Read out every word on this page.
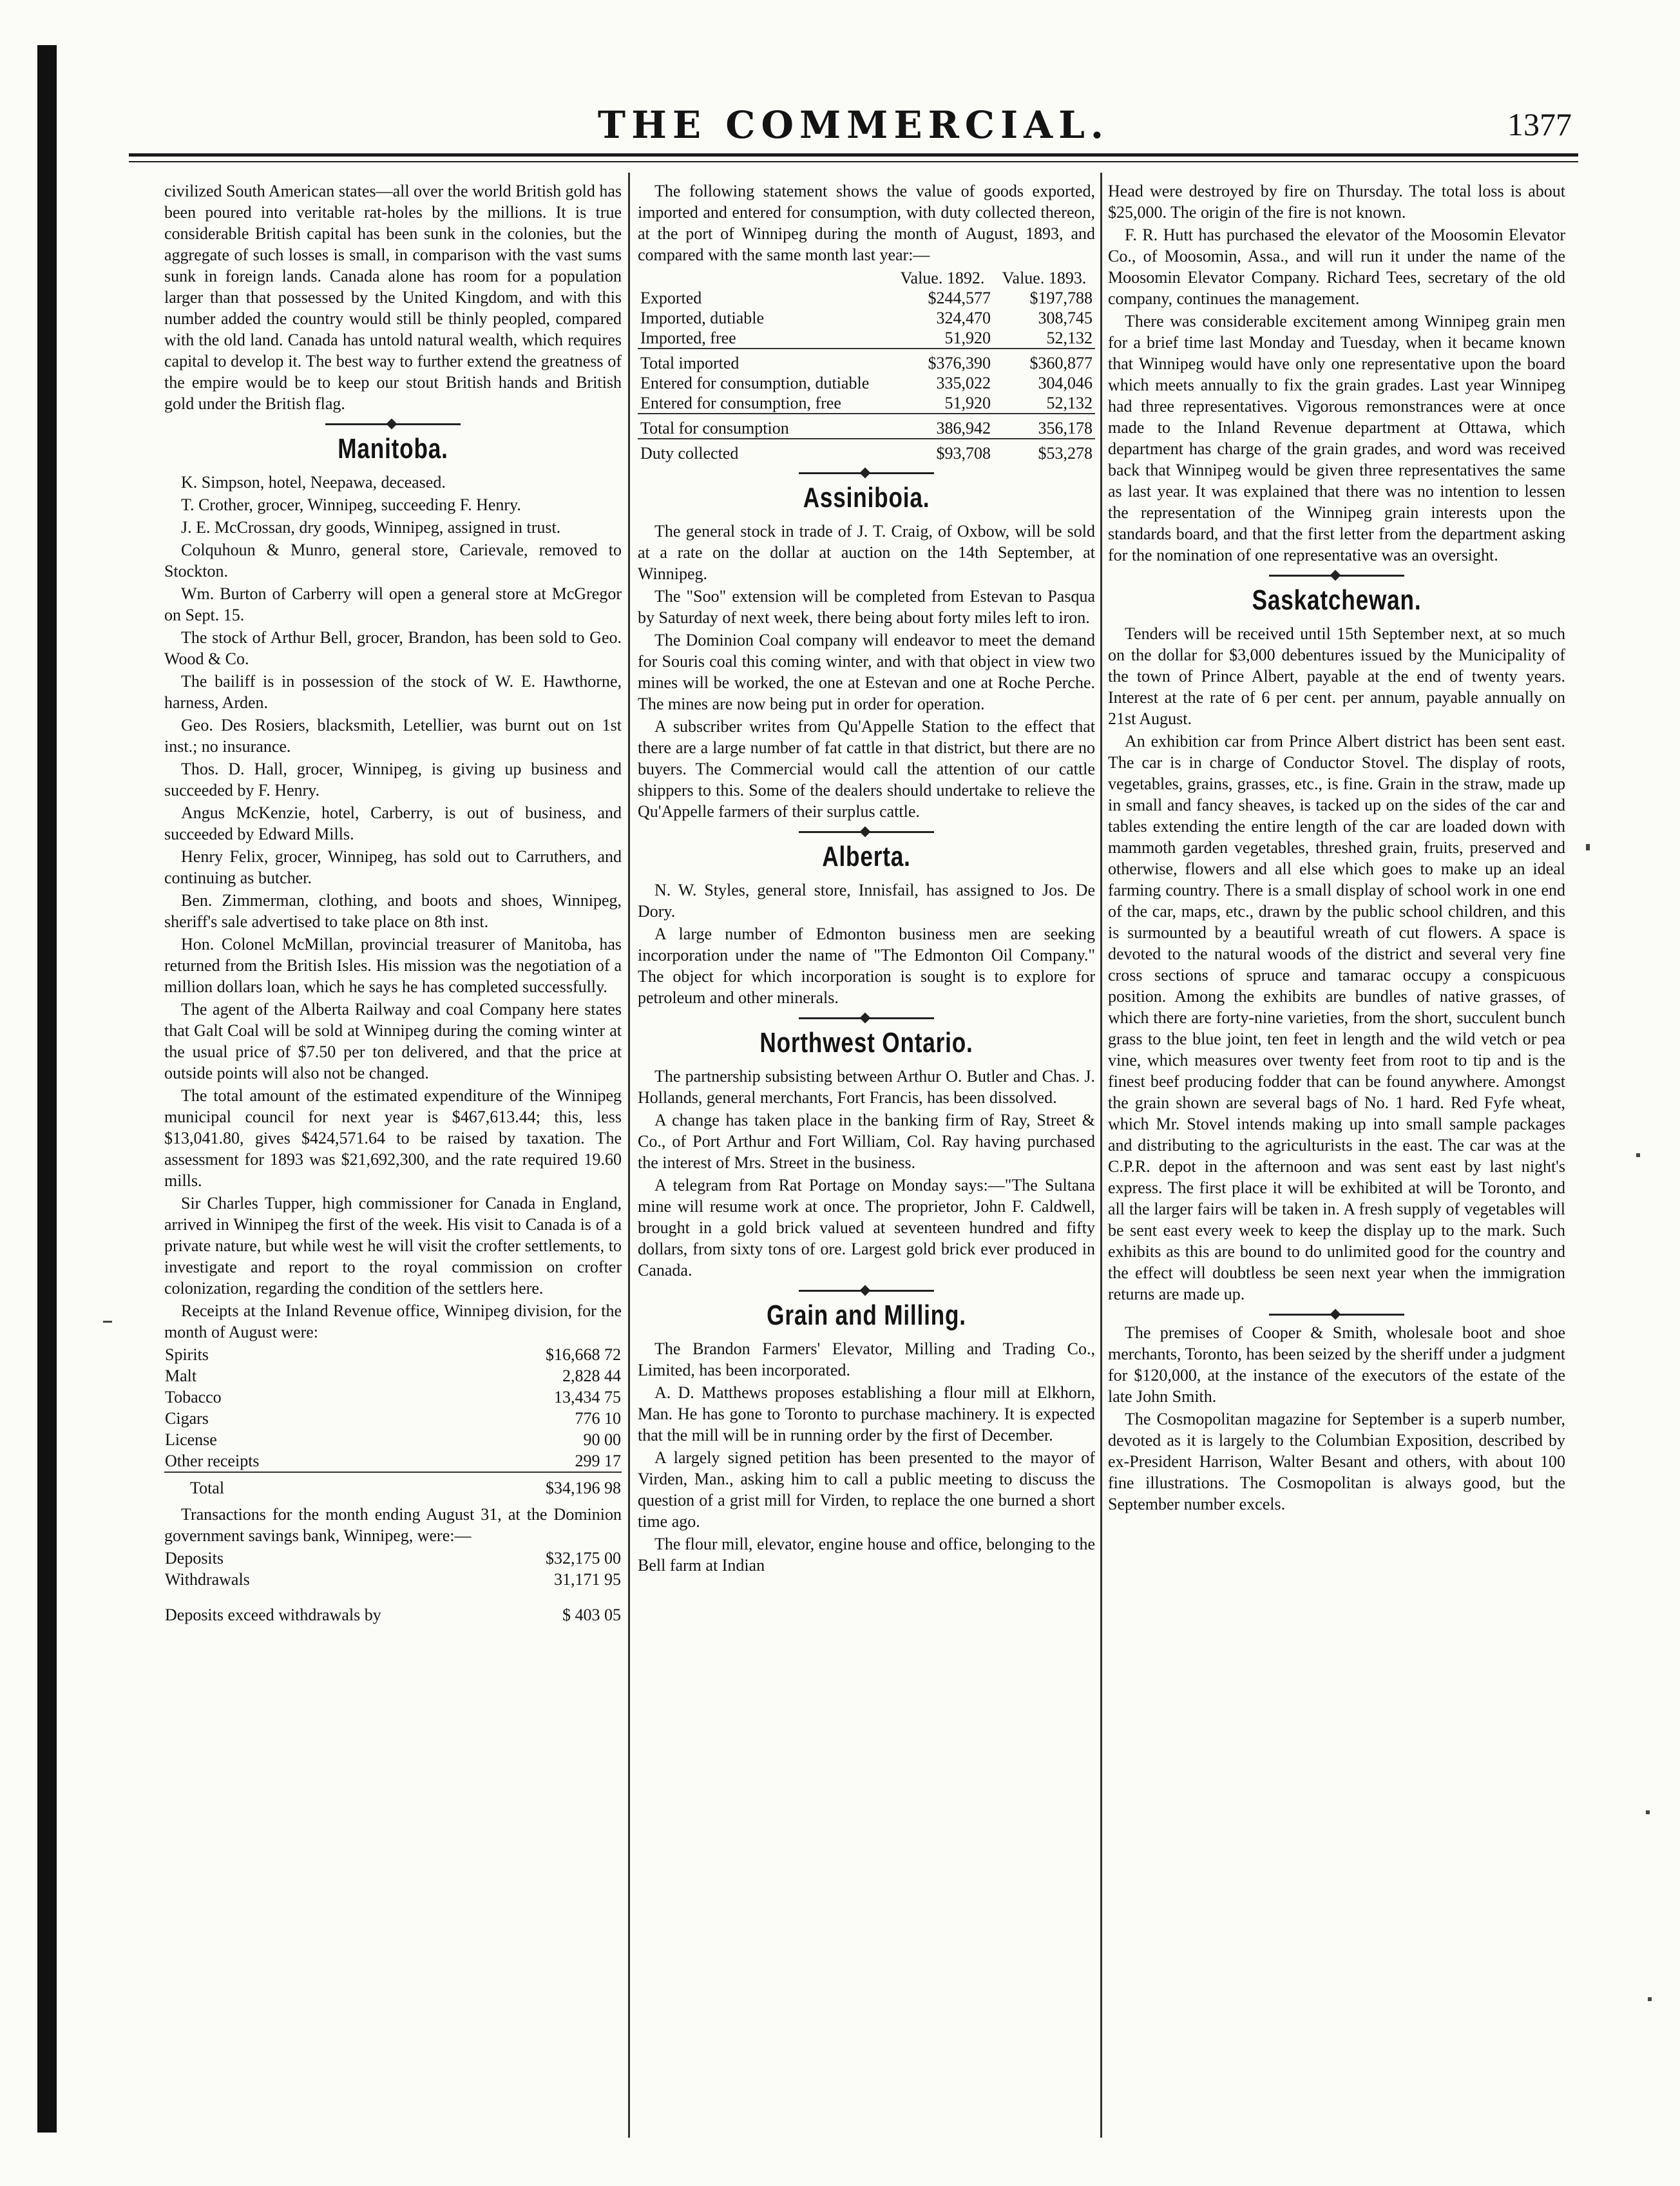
THE COMMERCIAL.	1377

civilized South American states—all over the world British gold has been poured into veritable rat-holes by the millions. It is true considerable British capital has been sunk in the colonies, but the aggregate of such losses is small, in comparison with the vast sums sunk in foreign lands. Canada alone has room for a population larger than that possessed by the United Kingdom, and with this number added the country would still be thinly peopled, compared with the old land. Canada has untold natural wealth, which requires capital to develop it. The best way to further extend the greatness of the empire would be to keep our stout British hands and British gold under the British flag.

Manitoba.

K. Simpson, hotel, Neepawa, deceased.

T. Crother, grocer, Winnipeg, succeeding F. Henry.

J. E. McCrossan, dry goods, Winnipeg, assigned in trust.

Colquhoun & Munro, general store, Carievale, removed to Stockton.

Wm. Burton of Carberry will open a general store at McGregor on Sept. 15.

The stock of Arthur Bell, grocer, Brandon, has been sold to Geo. Wood & Co.

The bailiff is in possession of the stock of W. E. Hawthorne, harness, Arden.

Geo. Des Rosiers, blacksmith, Letellier, was burnt out on 1st inst.; no insurance.

Thos. D. Hall, grocer, Winnipeg, is giving up business and succeeded by F. Henry.

Angus McKenzie, hotel, Carberry, is out of business, and succeeded by Edward Mills.

Henry Felix, grocer, Winnipeg, has sold out to Carruthers, and continuing as butcher.

Ben. Zimmerman, clothing, and boots and shoes, Winnipeg, sheriff's sale advertised to take place on 8th inst.

Hon. Colonel McMillan, provincial treasurer of Manitoba, has returned from the British Isles. His mission was the negotiation of a million dollars loan, which he says he has completed successfully.

The agent of the Alberta Railway and coal Company here states that Galt Coal will be sold at Winnipeg during the coming winter at the usual price of $7.50 per ton delivered, and that the price at outside points will also not be changed.

The total amount of the estimated expenditure of the Winnipeg municipal council for next year is $467,613.44; this, less $13,041.80, gives $424,571.64 to be raised by taxation. The assessment for 1893 was $21,692,300, and the rate required 19.60 mills.

Sir Charles Tupper, high commissioner for Canada in England, arrived in Winnipeg the first of the week. His visit to Canada is of a private nature, but while west he will visit the crofter settlements, to investigate and report to the royal commission on crofter colonization, regarding the condition of the settlers here.

Receipts at the Inland Revenue office, Winnipeg division, for the month of August were:

Spirits	$16,668 72
Malt	2,828 44
Tobacco	13,434 75
Cigars	776 10
License	90 00
Other receipts	299 17
Total	$34,196 98

Transactions for the month ending August 31, at the Dominion government savings bank, Winnipeg, were:—

Deposits	$32,175 00
Withdrawals	31,171 95
Deposits exceed withdrawals by	$ 403 05

The following statement shows the value of goods exported, imported and entered for consumption, with duty collected thereon, at the port of Winnipeg during the month of August, 1893, and compared with the same month last year:—

	Value. 1892.	Value. 1893.
Exported	$244,577	$197,788
Imported, dutiable	324,470	308,745
Imported, free	51,920	52,132
Total imported	$376,390	$360,877
Entered for consumption, dutiable	335,022	304,046
Entered for consumption, free	51,920	52,132
Total for consumption	386,942	356,178
Duty collected	$93,708	$53,278
Assiniboia.

The general stock in trade of J. T. Craig, of Oxbow, will be sold at a rate on the dollar at auction on the 14th September, at Winnipeg.

The "Soo" extension will be completed from Estevan to Pasqua by Saturday of next week, there being about forty miles left to iron.

The Dominion Coal company will endeavor to meet the demand for Souris coal this coming winter, and with that object in view two mines will be worked, the one at Estevan and one at Roche Perche. The mines are now being put in order for operation.

A subscriber writes from Qu'Appelle Station to the effect that there are a large number of fat cattle in that district, but there are no buyers. The Commercial would call the attention of our cattle shippers to this. Some of the dealers should undertake to relieve the Qu'Appelle farmers of their surplus cattle.

Alberta.

N. W. Styles, general store, Innisfail, has assigned to Jos. De Dory.

A large number of Edmonton business men are seeking incorporation under the name of "The Edmonton Oil Company." The object for which incorporation is sought is to explore for petroleum and other minerals.

Northwest Ontario.

The partnership subsisting between Arthur O. Butler and Chas. J. Hollands, general merchants, Fort Francis, has been dissolved.

A change has taken place in the banking firm of Ray, Street & Co., of Port Arthur and Fort William, Col. Ray having purchased the interest of Mrs. Street in the business.

A telegram from Rat Portage on Monday says:—"The Sultana mine will resume work at once. The proprietor, John F. Caldwell, brought in a gold brick valued at seventeen hundred and fifty dollars, from sixty tons of ore. Largest gold brick ever produced in Canada.

Grain and Milling.

The Brandon Farmers' Elevator, Milling and Trading Co., Limited, has been incorporated.

A. D. Matthews proposes establishing a flour mill at Elkhorn, Man. He has gone to Toronto to purchase machinery. It is expected that the mill will be in running order by the first of December.

A largely signed petition has been presented to the mayor of Virden, Man., asking him to call a public meeting to discuss the question of a grist mill for Virden, to replace the one burned a short time ago.

The flour mill, elevator, engine house and office, belonging to the Bell farm at Indian

Head were destroyed by fire on Thursday. The total loss is about $25,000. The origin of the fire is not known.

F. R. Hutt has purchased the elevator of the Moosomin Elevator Co., of Moosomin, Assa., and will run it under the name of the Moosomin Elevator Company. Richard Tees, secretary of the old company, continues the management.

There was considerable excitement among Winnipeg grain men for a brief time last Monday and Tuesday, when it became known that Winnipeg would have only one representative upon the board which meets annually to fix the grain grades. Last year Winnipeg had three representatives. Vigorous remonstrances were at once made to the Inland Revenue department at Ottawa, which department has charge of the grain grades, and word was received back that Winnipeg would be given three representatives the same as last year. It was explained that there was no intention to lessen the representation of the Winnipeg grain interests upon the standards board, and that the first letter from the department asking for the nomination of one representative was an oversight.

Saskatchewan.

Tenders will be received until 15th September next, at so much on the dollar for $3,000 debentures issued by the Municipality of the town of Prince Albert, payable at the end of twenty years. Interest at the rate of 6 per cent. per annum, payable annually on 21st August.

An exhibition car from Prince Albert district has been sent east. The car is in charge of Conductor Stovel. The display of roots, vegetables, grains, grasses, etc., is fine. Grain in the straw, made up in small and fancy sheaves, is tacked up on the sides of the car and tables extending the entire length of the car are loaded down with mammoth garden vegetables, threshed grain, fruits, preserved and otherwise, flowers and all else which goes to make up an ideal farming country. There is a small display of school work in one end of the car, maps, etc., drawn by the public school children, and this is surmounted by a beautiful wreath of cut flowers. A space is devoted to the natural woods of the district and several very fine cross sections of spruce and tamarac occupy a conspicuous position. Among the exhibits are bundles of native grasses, of which there are forty-nine varieties, from the short, succulent bunch grass to the blue joint, ten feet in length and the wild vetch or pea vine, which measures over twenty feet from root to tip and is the finest beef producing fodder that can be found anywhere. Amongst the grain shown are several bags of No. 1 hard. Red Fyfe wheat, which Mr. Stovel intends making up into small sample packages and distributing to the agriculturists in the east. The car was at the C.P.R. depot in the afternoon and was sent east by last night's express. The first place it will be exhibited at will be Toronto, and all the larger fairs will be taken in. A fresh supply of vegetables will be sent east every week to keep the display up to the mark. Such exhibits as this are bound to do unlimited good for the country and the effect will doubtless be seen next year when the immigration returns are made up.

The premises of Cooper & Smith, wholesale boot and shoe merchants, Toronto, has been seized by the sheriff under a judgment for $120,000, at the instance of the executors of the estate of the late John Smith.

The Cosmopolitan magazine for September is a superb number, devoted as it is largely to the Columbian Exposition, described by ex-President Harrison, Walter Besant and others, with about 100 fine illustrations. The Cosmopolitan is always good, but the September number excels.
